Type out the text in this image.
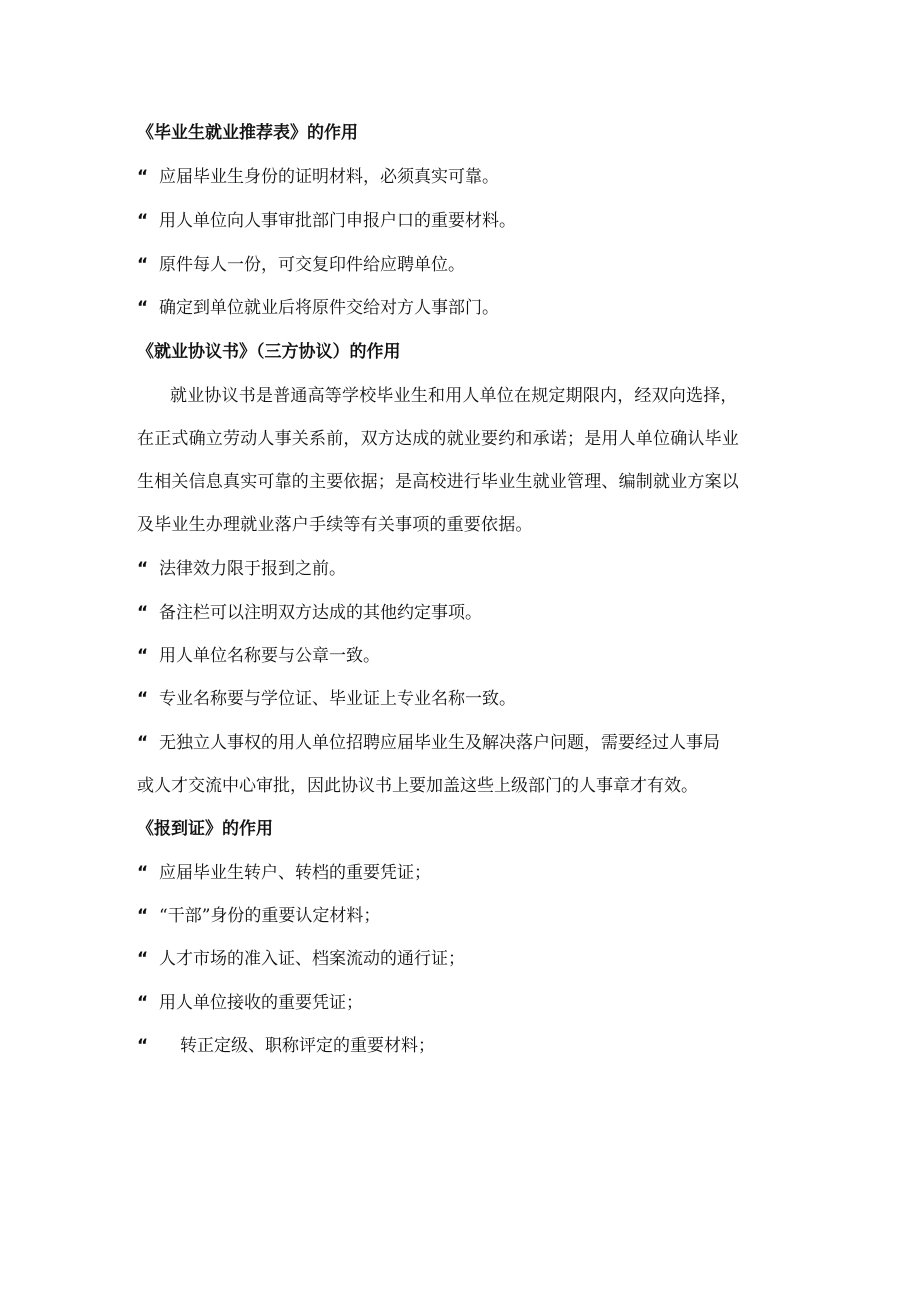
《毕业生就业推荐表》的作用
“ 应届毕业生身份的证明材料，必须真实可靠。
“ 用人单位向人事审批部门申报户口的重要材料。
“ 原件每人一份，可交复印件给应聘单位。
“ 确定到单位就业后将原件交给对方人事部门。
《就业协议书》（三方协议）的作用
就业协议书是普通高等学校毕业生和用人单位在规定期限内，经双向选择，
在正式确立劳动人事关系前，双方达成的就业要约和承诺；是用人单位确认毕业
生相关信息真实可靠的主要依据；是高校进行毕业生就业管理、编制就业方案以
及毕业生办理就业落户手续等有关事项的重要依据。
“ 法律效力限于报到之前。
“ 备注栏可以注明双方达成的其他约定事项。
“ 用人单位名称要与公章一致。
“ 专业名称要与学位证、毕业证上专业名称一致。
“ 无独立人事权的用人单位招聘应届毕业生及解决落户问题，需要经过人事局
或人才交流中心审批，因此协议书上要加盖这些上级部门的人事章才有效。
《报到证》的作用
“ 应届毕业生转户、转档的重要凭证；
“ “干部”身份的重要认定材料；
“ 人才市场的准入证、档案流动的通行证；
“ 用人单位接收的重要凭证；
“ 转正定级、职称评定的重要材料；
